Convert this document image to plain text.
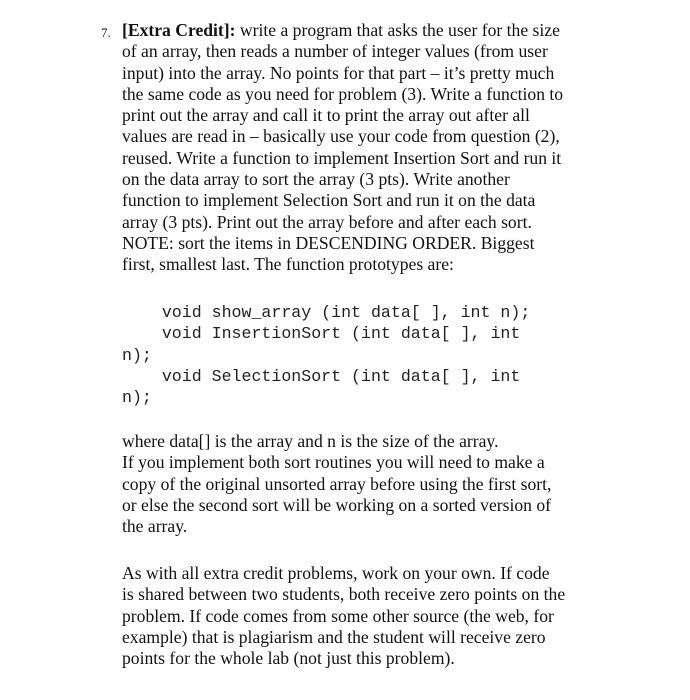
7. [Extra Credit]: write a program that asks the user for the size
of an array, then reads a number of integer values (from user
input) into the array. No points for that part – it’s pretty much
the same code as you need for problem (3). Write a function to
print out the array and call it to print the array out after all
values are read in – basically use your code from question (2),
reused. Write a function to implement Insertion Sort and run it
on the data array to sort the array (3 pts). Write another
function to implement Selection Sort and run it on the data
array (3 pts). Print out the array before and after each sort.
NOTE: sort the items in DESCENDING ORDER. Biggest
first, smallest last. The function prototypes are:

void show_array (int data[ ], int n);
void InsertionSort (int data[ ], int
n);
void SelectionSort (int data[ ], int
n);

where data[] is the array and n is the size of the array.
If you implement both sort routines you will need to make a
copy of the original unsorted array before using the first sort,
or else the second sort will be working on a sorted version of
the array.

As with all extra credit problems, work on your own. If code
is shared between two students, both receive zero points on the
problem. If code comes from some other source (the web, for
example) that is plagiarism and the student will receive zero
points for the whole lab (not just this problem).
